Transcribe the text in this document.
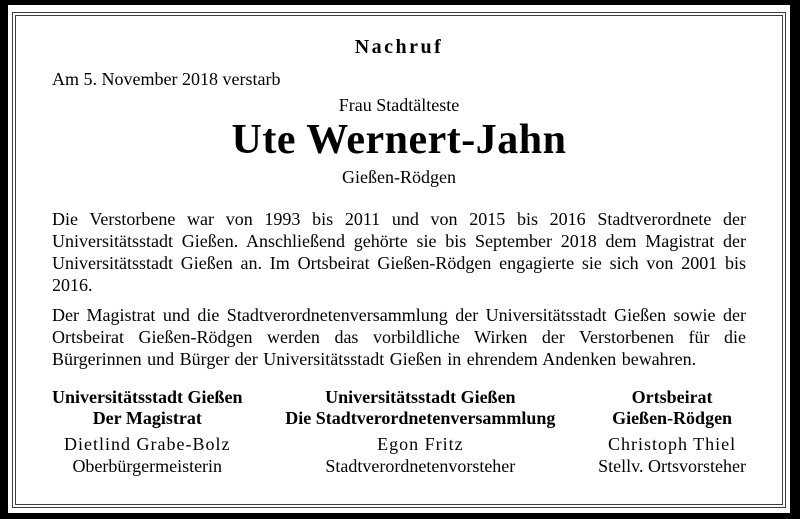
Nachruf
Am 5. November 2018 verstarb
Frau Stadtälteste
Ute Wernert-Jahn
Gießen-Rödgen
Die Verstorbene war von 1993 bis 2011 und von 2015 bis 2016 Stadtverordnete der Universitätsstadt Gießen. Anschließend gehörte sie bis September 2018 dem Magistrat der Universitätsstadt Gießen an. Im Ortsbeirat Gießen-Rödgen engagierte sie sich von 2001 bis 2016.
Der Magistrat und die Stadtverordnetenversammlung der Universitätsstadt Gießen sowie der Ortsbeirat Gießen-Rödgen werden das vorbildliche Wirken der Verstorbenen für die Bürgerinnen und Bürger der Universitätsstadt Gießen in ehrendem Andenken bewahren.
Universitätsstadt Gießen
Der Magistrat
Dietlind Grabe-Bolz
Oberbürgermeisterin
Universitätsstadt Gießen
Die Stadtverordnetenversammlung
Egon Fritz
Stadtverordnetenvorsteher
Ortsbeirat
Gießen-Rödgen
Christoph Thiel
Stellv. Ortsvorsteher
